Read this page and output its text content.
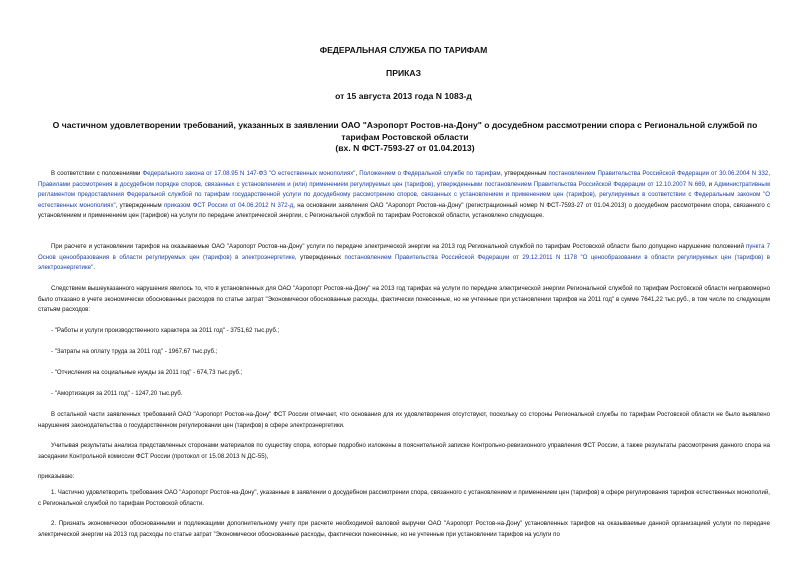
ФЕДЕРАЛЬНАЯ СЛУЖБА ПО ТАРИФАМ

ПРИКАЗ

от 15 августа 2013 года N 1083-д

О частичном удовлетворении требований, указанных в заявлении ОАО "Аэропорт Ростов-на-Дону" о досудебном рассмотрении спора с Региональной службой по
тарифам Ростовской области
(вх. N ФСТ-7593-27 от 01.04.2013)

В соответствии с положениями Федерального закона от 17.08.95 N 147-ФЗ "О естественных монополиях", Положением о Федеральной службе по тарифам, утвержденным постановлением Правительства Российской Федерации от 30.06.2004 N 332, Правилами рассмотрения в досудебном порядке споров, связанных с установлением и (или) применением регулируемых цен (тарифов), утвержденными постановлением Правительства Российской Федерации от 12.10.2007 N 669, и Административным регламентом предоставления Федеральной службой по тарифам государственной услуги по досудебному рассмотрению споров, связанных с установлением и применением цен (тарифов), регулируемых в соответствии с Федеральным законом "О естественных монополиях", утвержденным приказом ФСТ России от 04.06.2012 N 372-д, на основании заявления ОАО "Аэропорт Ростов-на-Дону" (регистрационный номер N ФСТ-7593-27 от 01.04.2013) о досудебном рассмотрении спора, связанного с установлением и применением цен (тарифов) на услуги по передаче электрической энергии, с Региональной службой по тарифам Ростовской области, установлено следующее.

При расчете и установлении тарифов на оказываемые ОАО "Аэропорт Ростов-на-Дону" услуги по передаче электрической энергии на 2013 год Региональной службой по тарифам Ростовской области было допущено нарушение положений пункта 7 Основ ценообразования в области регулируемых цен (тарифов) в электроэнергетике, утвержденных постановлением Правительства Российской Федерации от 29.12.2011 N 1178 "О ценообразовании в области регулируемых цен (тарифов) в электроэнергетике".

Следствием вышеуказанного нарушения явилось то, что в установленных для ОАО "Аэропорт Ростов-на-Дону" на 2013 год тарифах на услуги по передаче электрической энергии Региональной службой по тарифам Ростовской области неправомерно было отказано в учете экономически обоснованных расходов по статье затрат "Экономически обоснованные расходы, фактически понесенные, но не учтенные при установлении тарифов на 2011 год" в сумме 7641,22 тыс.руб., в том числе по следующим статьям расходов:

- "Работы и услуги производственного характера за 2011 год" - 3751,62 тыс.руб.;

- "Затраты на оплату труда за 2011 год" - 1967,67 тыс.руб.;

- "Отчисления на социальные нужды за 2011 год" - 674,73 тыс.руб.;

- "Амортизация за 2011 год" - 1247,20 тыс.руб.

В остальной части заявленных требований ОАО "Аэропорт Ростов-на-Дону" ФСТ России отмечает, что основания для их удовлетворения отсутствуют, поскольку со стороны Региональной службы по тарифам Ростовской области не было выявлено нарушения законодательства о государственном регулировании цен (тарифов) в сфере электроэнергетики.

Учитывая результаты анализа представленных сторонами материалов по существу спора, которые подробно изложены в пояснительной записке Контрольно-ревизионного управления ФСТ России, а также результаты рассмотрения данного спора на заседании Контрольной комиссии ФСТ России (протокол от 15.08.2013 N ДС-55),

приказываю:

1. Частично удовлетворить требования ОАО "Аэропорт Ростов-на-Дону", указанные в заявлении о досудебном рассмотрении спора, связанного с установлением и применением цен (тарифов) в сфере регулирования тарифов естественных монополий, с Региональной службой по тарифам Ростовской области.

2. Признать экономически обоснованными и подлежащими дополнительному учету при расчете необходимой валовой выручки ОАО "Аэропорт Ростов-на-Дону" установленных тарифов на оказываемые данной организацией услуги по передаче электрической энергии на 2013 год расходы по статье затрат "Экономически обоснованные расходы, фактически понесенные, но не учтенные при установлении тарифов на услуги по
